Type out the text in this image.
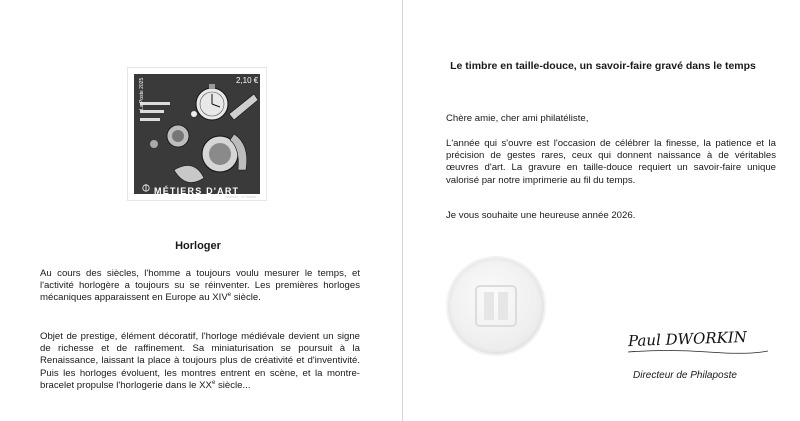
FRANCE	2,10 €
La Poste 2025
MÉTIERS D'ART
Manuel · Le Hobbit
Horloger
Au cours des siècles, l'homme a toujours voulu mesurer le temps, et l'activité horlogère a toujours su se réinventer. Les premières horloges mécaniques apparaissent en Europe au XIVe siècle.
Objet de prestige, élément décoratif, l'horloge médiévale devient un signe de richesse et de raffinement. Sa miniaturisation se poursuit à la Renaissance, laissant la place à toujours plus de créativité et d'inventivité. Puis les horloges évoluent, les montres entrent en scène, et la montre-bracelet propulse l'horlogerie dans le XXe siècle...
Le timbre en taille-douce, un savoir-faire gravé dans le temps
Chère amie, cher ami philatéliste,
L'année qui s'ouvre est l'occasion de célébrer la finesse, la patience et la précision de gestes rares, ceux qui donnent naissance à de véritables œuvres d'art. La gravure en taille-douce requiert un savoir-faire unique valorisé par notre imprimerie au fil du temps.
Je vous souhaite une heureuse année 2026.
Paul DWORKIN
Directeur de Philaposte
